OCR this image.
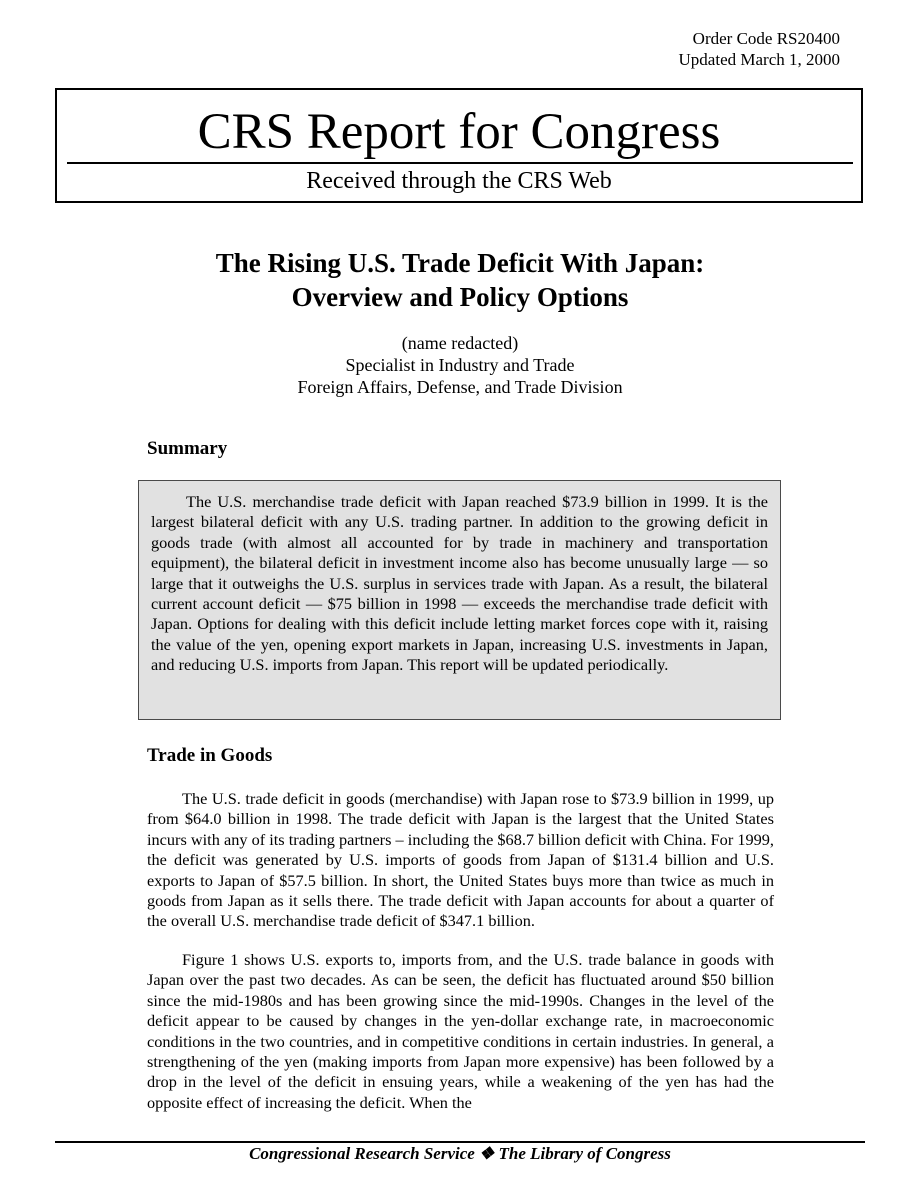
Order Code RS20400
Updated March 1, 2000
CRS Report for Congress
Received through the CRS Web
The Rising U.S. Trade Deficit With Japan:
Overview and Policy Options
(name redacted)
Specialist in Industry and Trade
Foreign Affairs, Defense, and Trade Division
Summary

The U.S. merchandise trade deficit with Japan reached $73.9 billion in 1999. It is the largest bilateral deficit with any U.S. trading partner. In addition to the growing deficit in goods trade (with almost all accounted for by trade in machinery and transportation equipment), the bilateral deficit in investment income also has become unusually large — so large that it outweighs the U.S. surplus in services trade with Japan. As a result, the bilateral current account deficit — $75 billion in 1998 — exceeds the merchandise trade deficit with Japan. Options for dealing with this deficit include letting market forces cope with it, raising the value of the yen, opening export markets in Japan, increasing U.S. investments in Japan, and reducing U.S. imports from Japan. This report will be updated periodically.

Trade in Goods

The U.S. trade deficit in goods (merchandise) with Japan rose to $73.9 billion in 1999, up from $64.0 billion in 1998. The trade deficit with Japan is the largest that the United States incurs with any of its trading partners – including the $68.7 billion deficit with China. For 1999, the deficit was generated by U.S. imports of goods from Japan of $131.4 billion and U.S. exports to Japan of $57.5 billion. In short, the United States buys more than twice as much in goods from Japan as it sells there. The trade deficit with Japan accounts for about a quarter of the overall U.S. merchandise trade deficit of $347.1 billion.

Figure 1 shows U.S. exports to, imports from, and the U.S. trade balance in goods with Japan over the past two decades. As can be seen, the deficit has fluctuated around $50 billion since the mid-1980s and has been growing since the mid-1990s. Changes in the level of the deficit appear to be caused by changes in the yen-dollar exchange rate, in macroeconomic conditions in the two countries, and in competitive conditions in certain industries. In general, a strengthening of the yen (making imports from Japan more expensive) has been followed by a drop in the level of the deficit in ensuing years, while a weakening of the yen has had the opposite effect of increasing the deficit. When the

Congressional Research Service ❖ The Library of Congress
